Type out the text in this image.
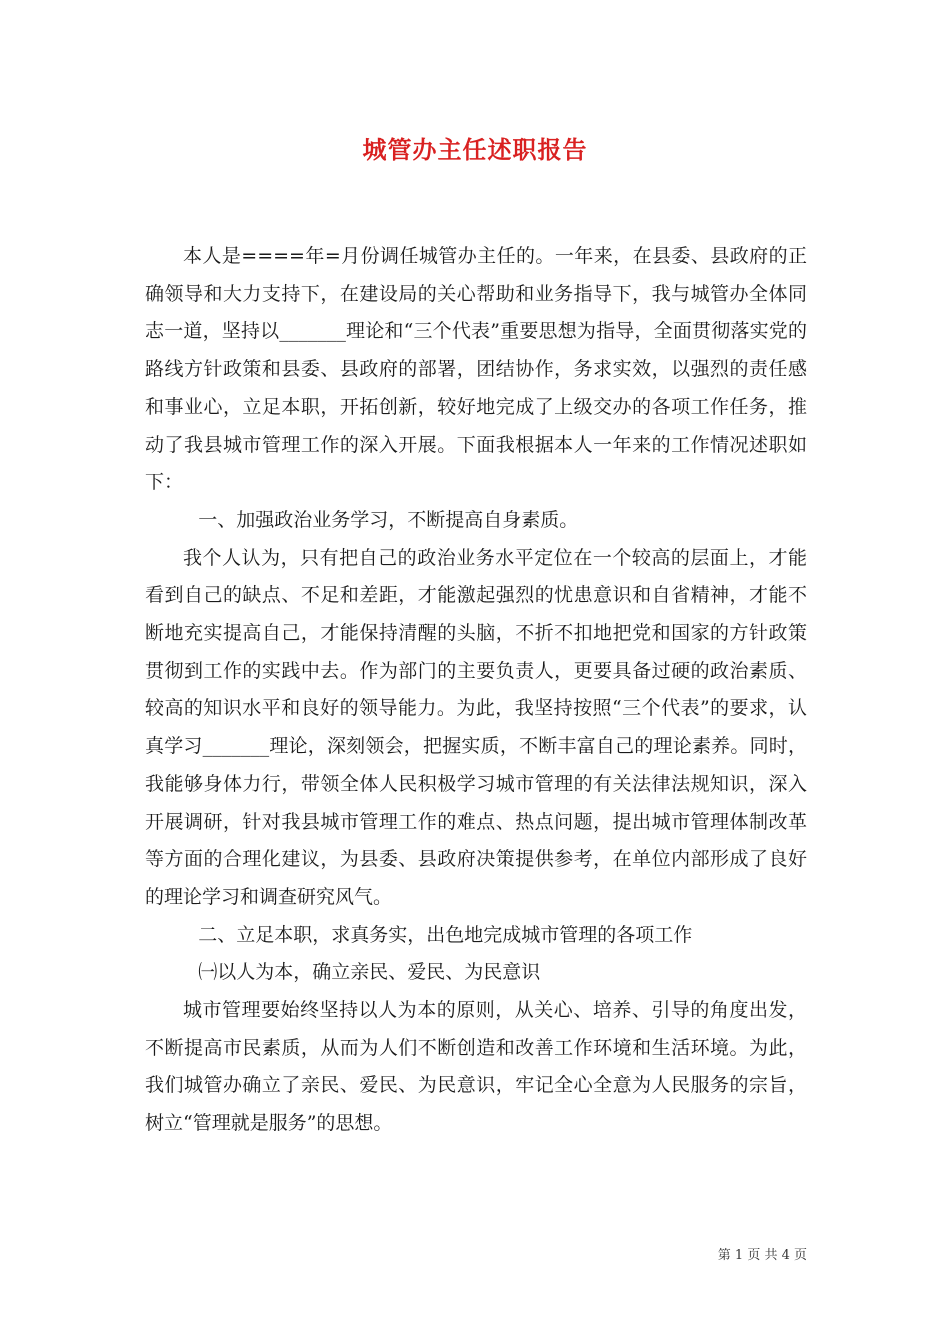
城管办主任述职报告

本人是====年=月份调任城管办主任的。一年来，在县委、县政府的正确领导和大力支持下，在建设局的关心帮助和业务指导下，我与城管办全体同志一道，坚持以_______理论和“三个代表”重要思想为指导，全面贯彻落实党的路线方针政策和县委、县政府的部署，团结协作，务求实效，以强烈的责任感和事业心，立足本职，开拓创新，较好地完成了上级交办的各项工作任务，推动了我县城市管理工作的深入开展。下面我根据本人一年来的工作情况述职如下：

一、加强政治业务学习，不断提高自身素质。

我个人认为，只有把自己的政治业务水平定位在一个较高的层面上，才能看到自己的缺点、不足和差距，才能激起强烈的忧患意识和自省精神，才能不断地充实提高自己，才能保持清醒的头脑，不折不扣地把党和国家的方针政策贯彻到工作的实践中去。作为部门的主要负责人，更要具备过硬的政治素质、较高的知识水平和良好的领导能力。为此，我坚持按照“三个代表”的要求，认真学习_______理论，深刻领会，把握实质，不断丰富自己的理论素养。同时，我能够身体力行，带领全体人民积极学习城市管理的有关法律法规知识，深入开展调研，针对我县城市管理工作的难点、热点问题，提出城市管理体制改革等方面的合理化建议，为县委、县政府决策提供参考，在单位内部形成了良好的理论学习和调查研究风气。

二、立足本职，求真务实，出色地完成城市管理的各项工作

㈠以人为本，确立亲民、爱民、为民意识

城市管理要始终坚持以人为本的原则，从关心、培养、引导的角度出发，不断提高市民素质，从而为人们不断创造和改善工作环境和生活环境。为此，我们城管办确立了亲民、爱民、为民意识，牢记全心全意为人民服务的宗旨，树立“管理就是服务”的思想。

第 1 页 共 4 页
